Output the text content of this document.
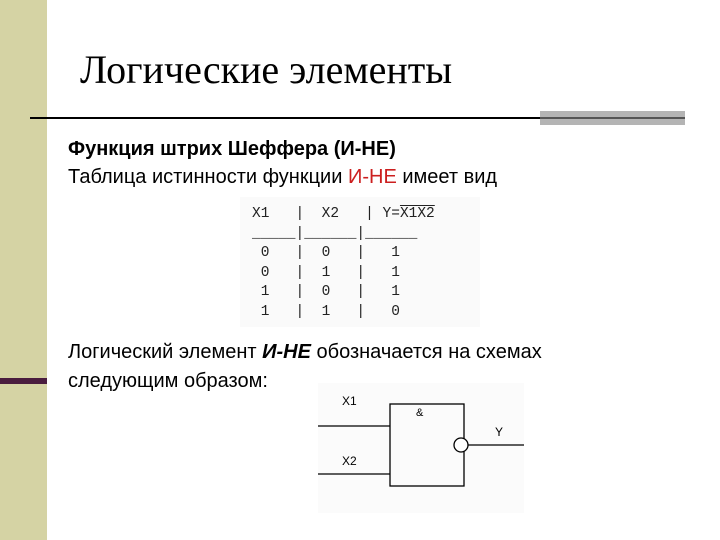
Логические элементы
Функция штрих Шеффера (И-НЕ)
Таблица истинности функции И-НЕ имеет вид
X1   |  X2   | Y=X1X2
_____|______|______
0   |  0   |   1
0   |  1   |   1
1   |  0   |   1
1   |  1   |   0
Логический элемент И-НЕ обозначается на схемах
следующим образом:
X1
X2
&
Y
